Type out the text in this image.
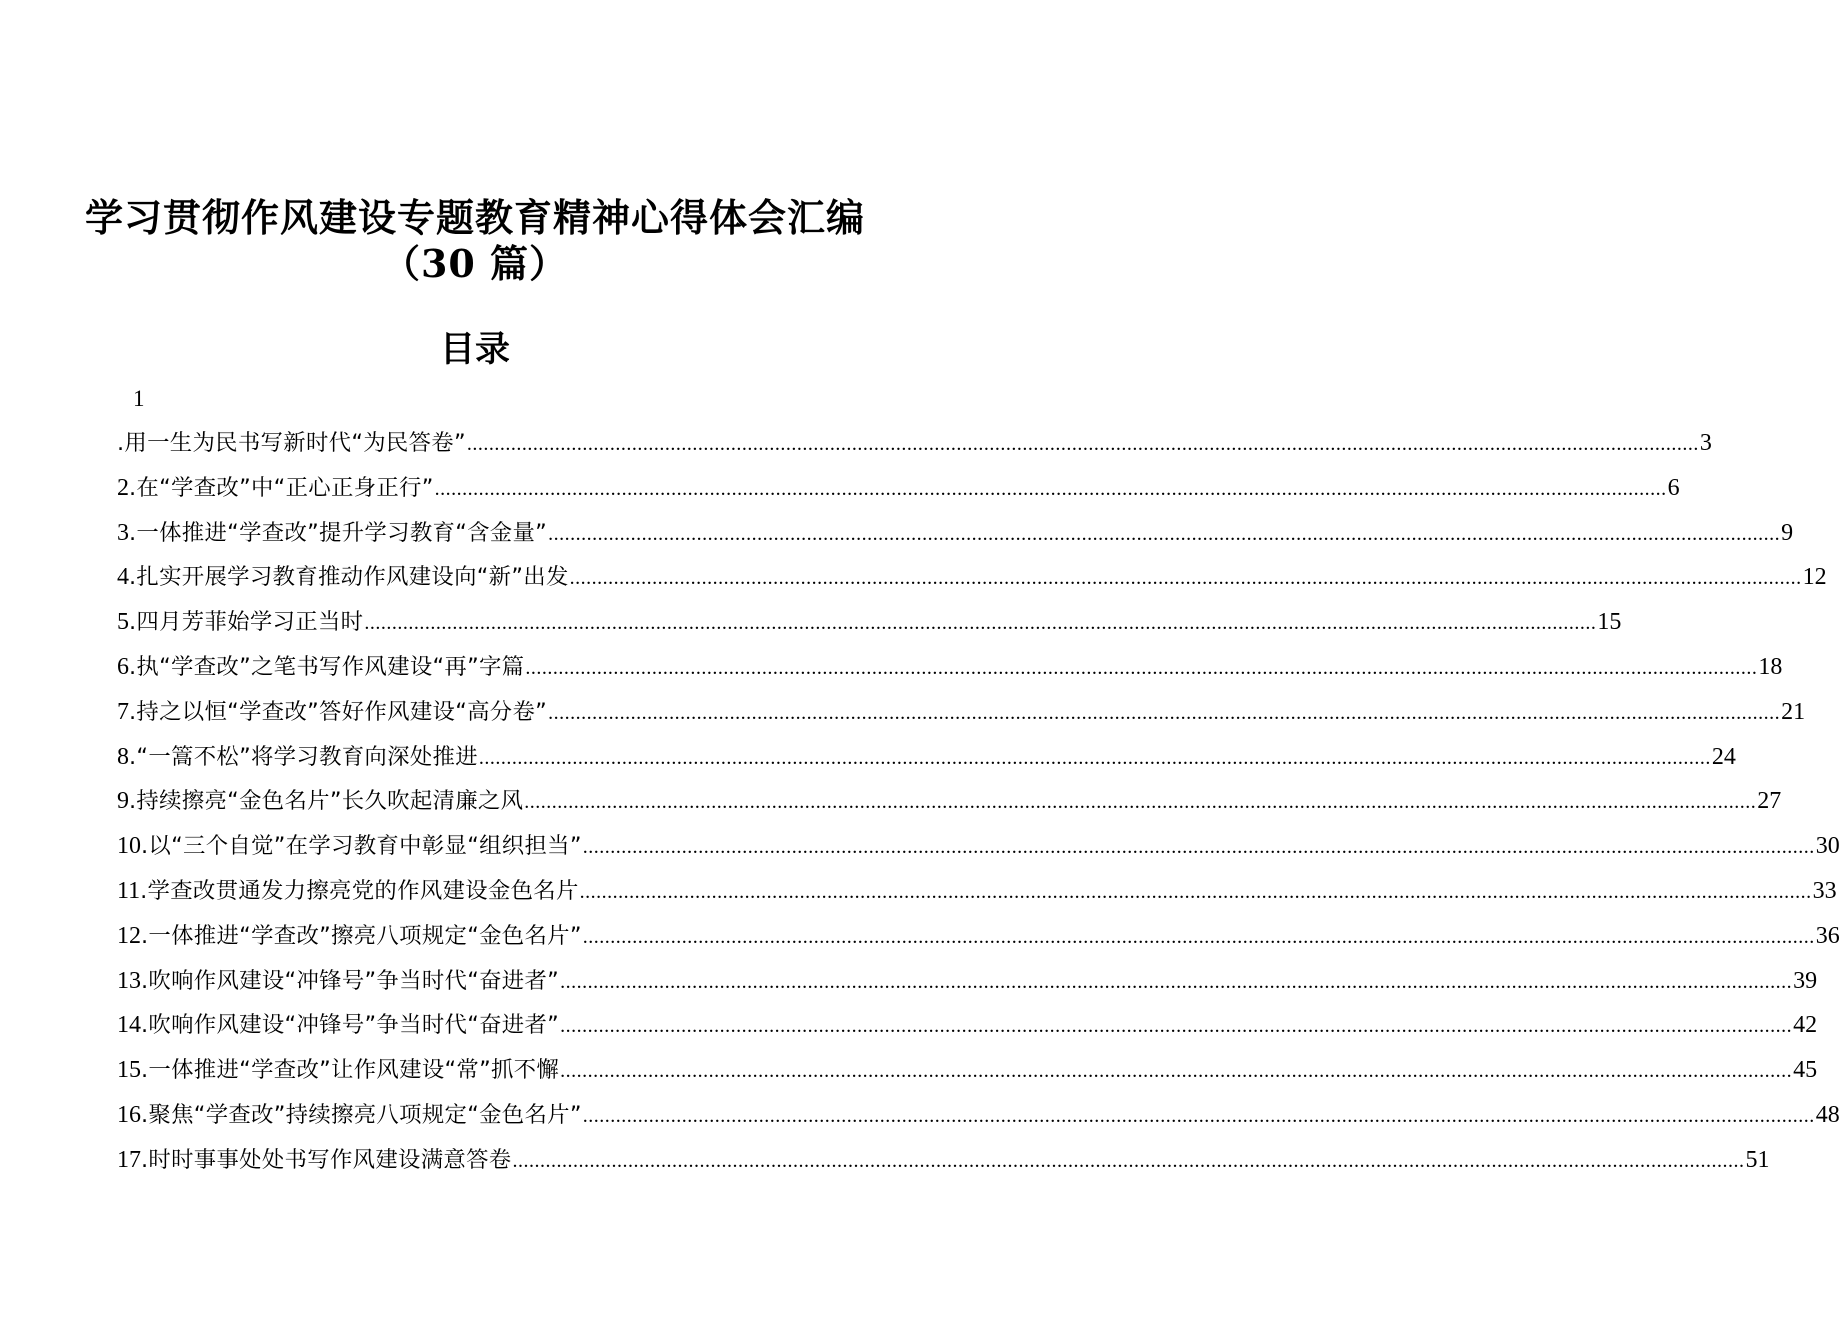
学习贯彻作风建设专题教育精神心得体会汇编
（30 篇）
目录
1
.用一生为民书写新时代“为民答卷” .....	3
2 .在“学查改”中“正心正身正行” .....	6
3 .一体推进“学查改”提升学习教育“含金量” .....	9
4 .扎实开展学习教育推动作风建设向“新”出发 .....	12
5 .四月芳菲始学习正当时 .....	15
6 .执“学查改”之笔书写作风建设“再”字篇 .....	18
7 .持之以恒“学查改”答好作风建设“高分卷” .....	21
8 .“一篙不松”将学习教育向深处推进 .....	24
9 .持续擦亮“金色名片”长久吹起清廉之风 .....	27
10 .以“三个自觉”在学习教育中彰显“组织担当” .....	30
11 .学查改贯通发力擦亮党的作风建设金色名片 .....	33
12 .一体推进“学查改”擦亮八项规定“金色名片” .....	36
13 .吹响作风建设“冲锋号”争当时代“奋进者” .....	39
14 .吹响作风建设“冲锋号”争当时代“奋进者” .....	42
15 .一体推进“学查改”让作风建设“常”抓不懈 .....	45
16 .聚焦“学查改”持续擦亮八项规定“金色名片” .....	48
17 .时时事事处处书写作风建设满意答卷 .....	51
